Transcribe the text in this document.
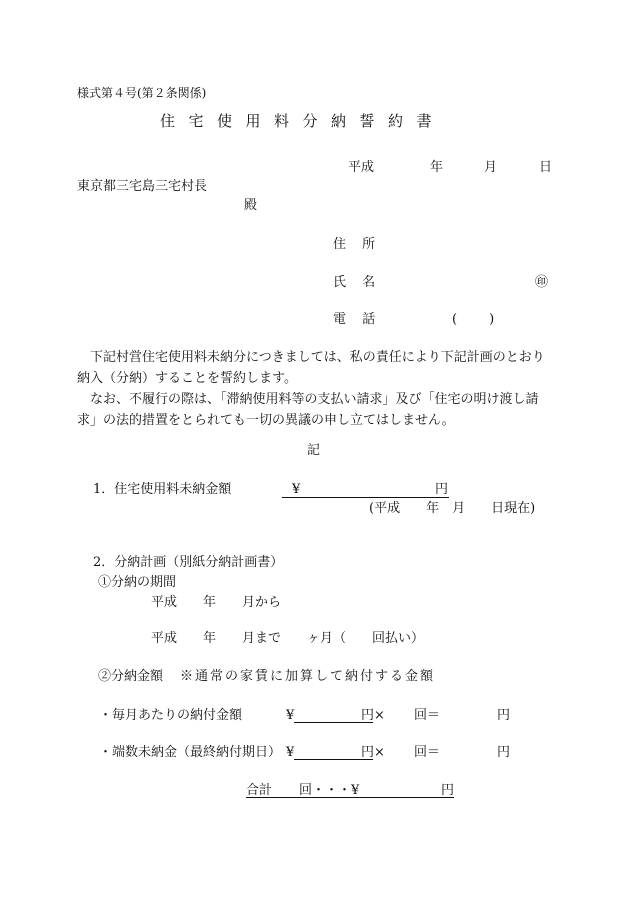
様式第４号(第２条関係)
住宅使用料分納誓約書
平成	年	月	日
東京都三宅島三宅村長
殿
住 所
氏 名	㊞
電 話	(　　)

下記村営住宅使用料未納分につきましては、私の責任により下記計画のとおり納入（分納）することを誓約します。

なお、不履行の際は、「滞納使用料等の支払い請求」及び「住宅の明け渡し請求」の法的措置をとられても一切の異議の申し立てはしません。

記
1．住宅使用料未納金額	¥	円
(平成　　年　月　　日現在)
2．分納計画（別紙分納計画書）
①分納の期間
平成　　年　　月から
平成　　年　　月まで　　ヶ月（　　回払い）
②分納金額 ※通常の家賃に加算して納付する金額
・毎月あたりの納付金額	¥	円× 回＝	円
・端数未納金（最終納付期日） ¥	円× 回＝	円
合計 回・・・¥	円
